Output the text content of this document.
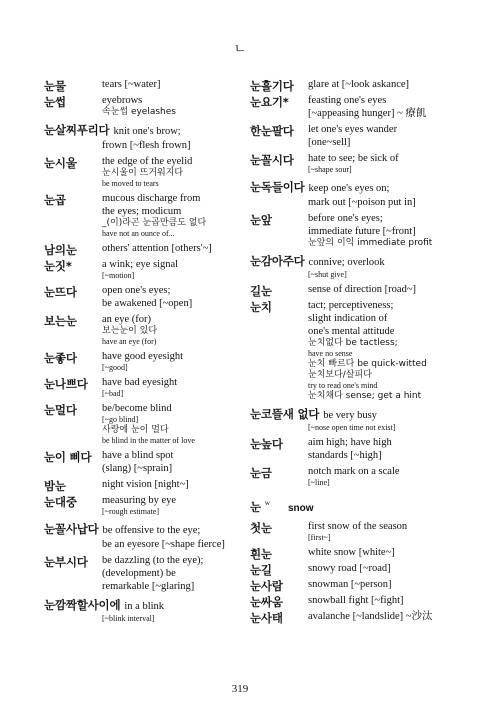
ㄴ
눈물	tears [~water]
눈썹	eyebrows
속눈썹 eyelashes
눈살찌푸리다 knit one's brow;
frown [~flesh frown]
눈시울	the edge of the eyelid
눈시울이 뜨거워지다
be moved to tears
눈곱	mucous discharge from
the eyes; modicum
_(이)라곤 눈곱만큼도 없다
have not an ounce of...
남의눈	others' attention [others'~]
눈짓*	a wink; eye signal
[~motion]
눈뜨다	open one's eyes;
be awakened [~open]
보는눈	an eye (for)
보는눈이 있다
have an eye (for)
눈좋다	have good eyesight
[~good]
눈나쁘다	have bad eyesight
[~bad]
눈멀다	be/become blind
[~go blind]
사랑에 눈이 멀다
be blind in the matter of love
눈이 삐다	have a blind spot
(slang) [~sprain]
밤눈	night vision [night~]
눈대중	measuring by eye
[~rough estimate]
눈꼴사납다 be offensive to the eye;
be an eyesore [~shape fierce]
눈부시다	be dazzling (to the eye);
(development) be
remarkable [~glaring]
눈깜짝할사이에 in a blink
[~blink interval]
눈흘기다	glare at [~look askance]
눈요기*	feasting one's eyes
[~appeasing hunger] ~ 療飢
한눈팔다	let one's eyes wander
[one~sell]
눈꼴시다	hate to see; be sick of
[~shape sour]
눈독들이다 keep one's eyes on;
mark out [~poison put in]
눈앞	before one's eyes;
immediate future [~front]
눈앞의 이익 immediate profit
눈감아주다 connive; overlook
[~shut give]
길눈	sense of direction [road~]
눈치	tact; perceptiveness;
slight indication of
one's mental attitude
눈치없다 be tactless;
have no sense
눈치 빠르다 be quick-witted
눈치보다/살피다
try to read one's mind
눈치채다 sense; get a hint
눈코뜰새 없다 be very busy
[~nose open time not exist]
눈높다	aim high; have high
standards [~high]
눈금	notch mark on a scale
[~line]
눈 $^w$snow
첫눈	first snow of the season
[first~]
흰눈	white snow [white~]
눈길	snowy road [~road]
눈사람	snowman [~person]
눈싸움	snowball fight [~fight]
눈사태	avalanche [~landslide] ~沙汰
319
